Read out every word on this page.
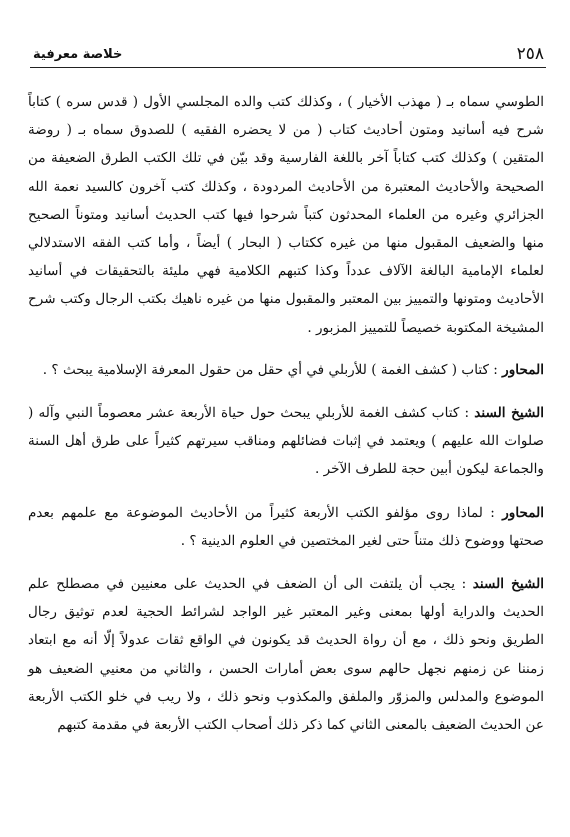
خلاصة معرفية	٢٥٨

الطوسي سماه بـ ( مهذب الأخيار ) ، وكذلك كتب والده المجلسي الأول ( قدس سره ) كتاباً شرح فيه أسانيد ومتون أحاديث كتاب ( من لا يحضره الفقيه ) للصدوق سماه بـ ( روضة المتقين ) وكذلك كتب كتاباً آخر باللغة الفارسية وقد بيّن في تلك الكتب الطرق الضعيفة من الصحيحة والأحاديث المعتبرة من الأحاديث المردودة ، وكذلك كتب آخرون كالسيد نعمة الله الجزائري وغيره من العلماء المحدثون كتباً شرحوا فيها كتب الحديث أسانيد ومتوناً الصحيح منها والضعيف المقبول منها من غيره ككتاب ( البحار ) أيضاً ، وأما كتب الفقه الاستدلالي لعلماء الإمامية البالغة الآلاف عدداً وكذا كتبهم الكلامية فهي مليئة بالتحقيقات في أسانيد الأحاديث ومتونها والتمييز بين المعتبر والمقبول منها من غيره ناهيك بكتب الرجال وكتب شرح المشيخة المكتوبة خصيصاً للتمييز المزبور .

المحاور : كتاب ( كشف الغمة ) للأربلي في أي حقل من حقول المعرفة الإسلامية يبحث ؟ .

الشيخ السند : كتاب كشف الغمة للأربلي يبحث حول حياة الأربعة عشر معصوماً النبي وآله ( صلوات الله عليهم ) ويعتمد في إثبات فضائلهم ومناقب سيرتهم كثيراً على طرق أهل السنة والجماعة ليكون أبين حجة للطرف الآخر .

المحاور : لماذا روى مؤلفو الكتب الأربعة كثيراً من الأحاديث الموضوعة مع علمهم بعدم صحتها ووضوح ذلك متناً حتى لغير المختصين في العلوم الدينية ؟ .

الشيخ السند : يجب أن يلتفت الى أن الضعف في الحديث على معنيين في مصطلح علم الحديث والدراية أولها بمعنى وغير المعتبر غير الواجد لشرائط الحجية لعدم توثيق رجال الطريق ونحو ذلك ، مع أن رواة الحديث قد يكونون في الواقع ثقات عدولاً إلّا أنه مع ابتعاد زمننا عن زمنهم نجهل حالهم سوى بعض أمارات الحسن ، والثاني من معنيي الضعيف هو الموضوع والمدلس والمزوّر والملفق والمكذوب ونحو ذلك ، ولا ريب في خلو الكتب الأربعة عن الحديث الضعيف بالمعنى الثاني كما ذكر ذلك أصحاب الكتب الأربعة في مقدمة كتبهم
